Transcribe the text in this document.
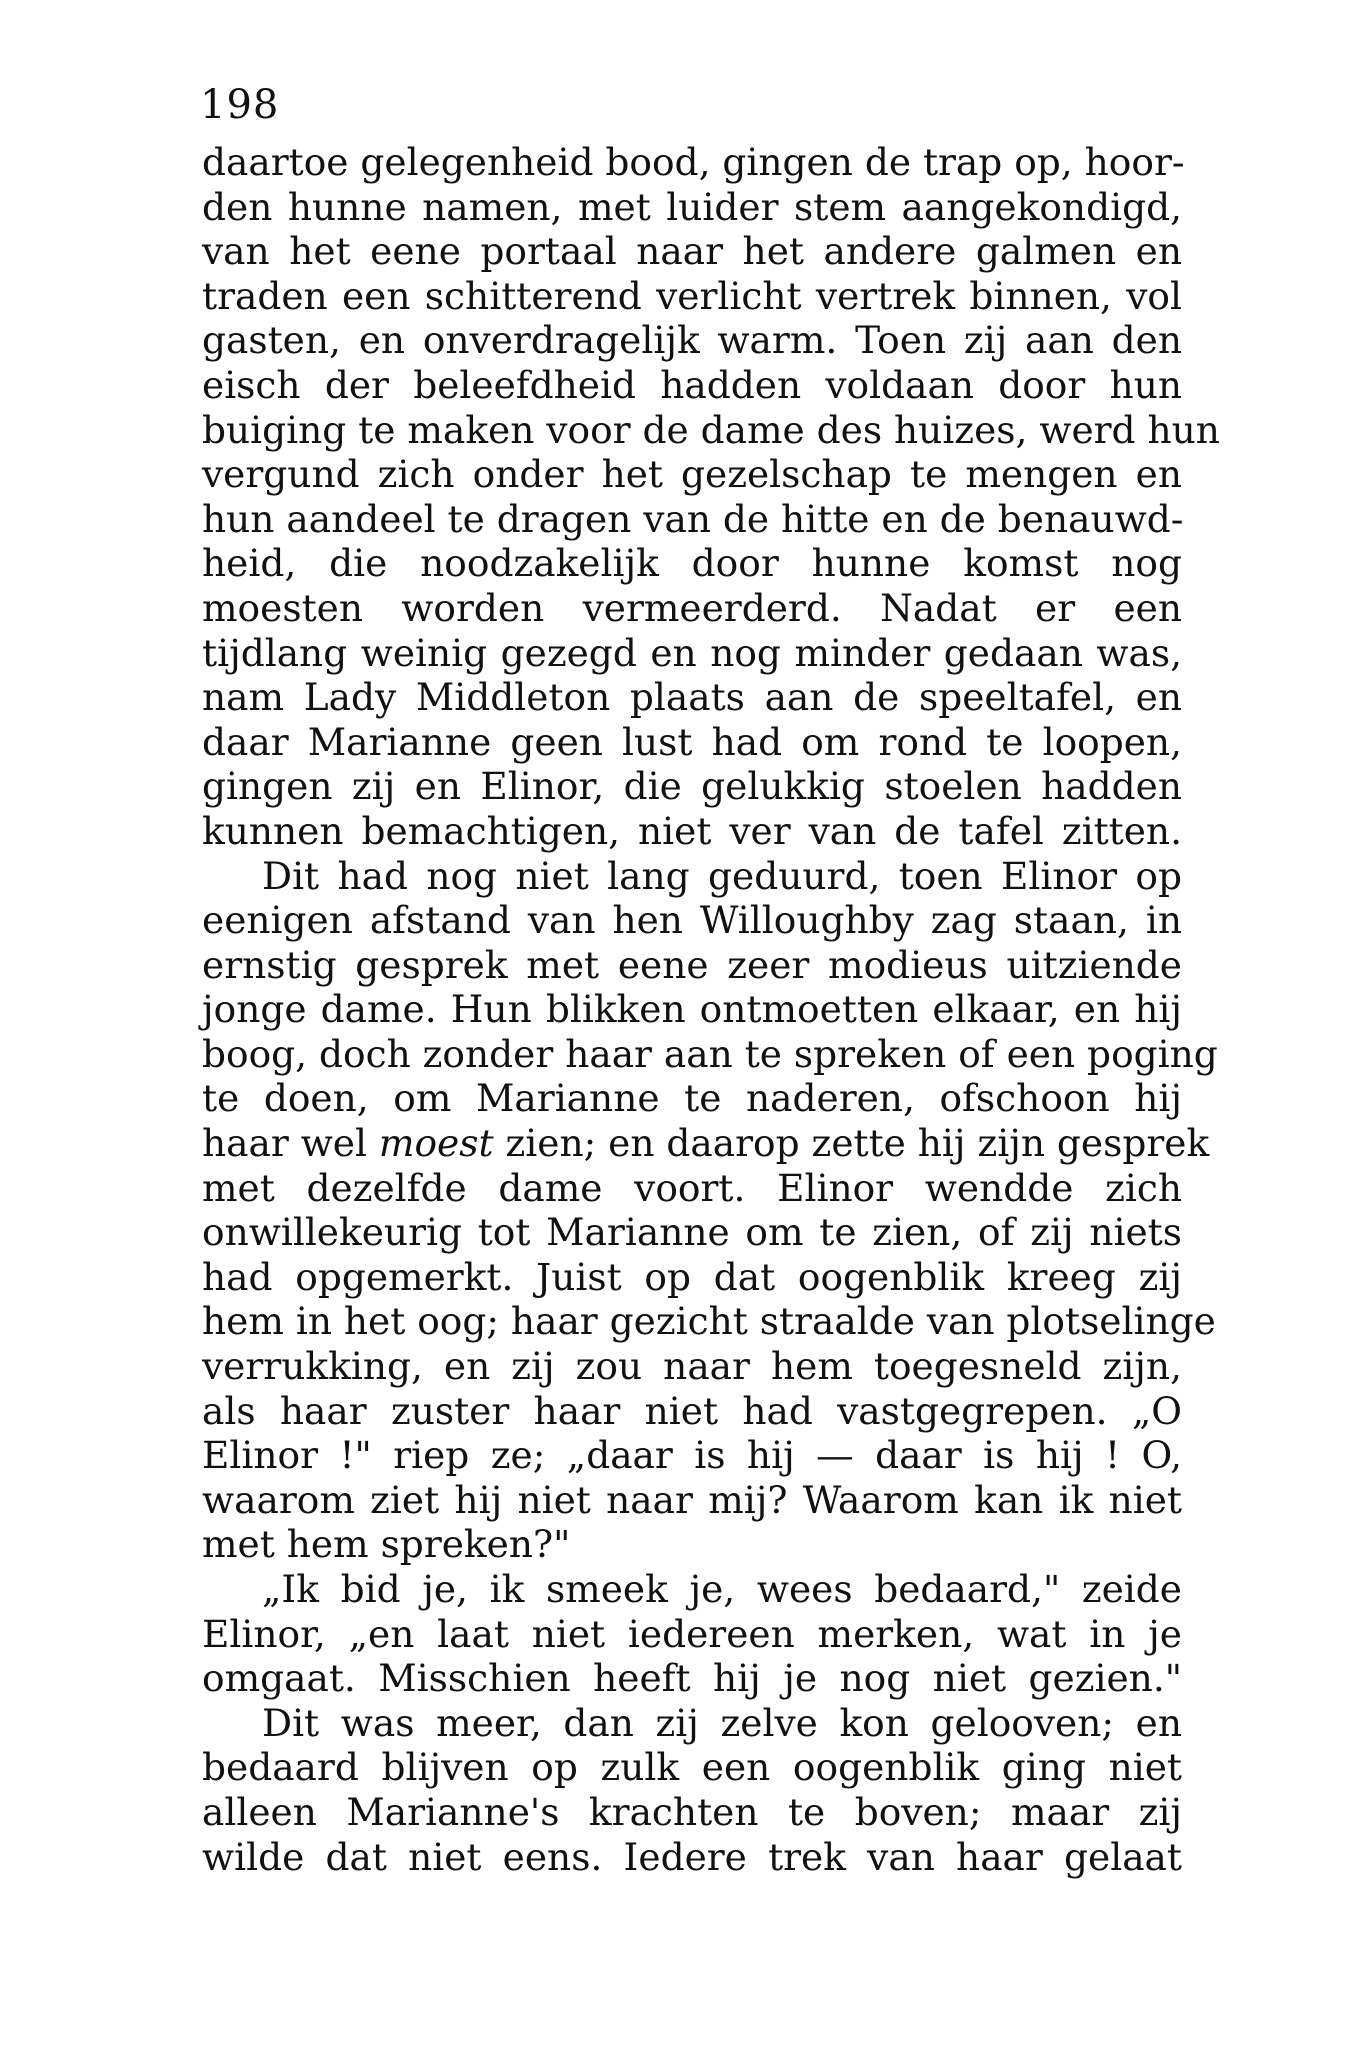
198
daartoe gelegenheid bood, gingen de trap op, hoor-
den hunne namen, met luider stem aangekondigd,
van het eene portaal naar het andere galmen en
traden een schitterend verlicht vertrek binnen, vol
gasten, en onverdragelijk warm. Toen zij aan den
eisch der beleefdheid hadden voldaan door hun
buiging te maken voor de dame des huizes, werd hun
vergund zich onder het gezelschap te mengen en
hun aandeel te dragen van de hitte en de benauwd-
heid, die noodzakelijk door hunne komst nog
moesten worden vermeerderd. Nadat er een
tijdlang weinig gezegd en nog minder gedaan was,
nam Lady Middleton plaats aan de speeltafel, en
daar Marianne geen lust had om rond te loopen,
gingen zij en Elinor, die gelukkig stoelen hadden
kunnen bemachtigen, niet ver van de tafel zitten.
Dit had nog niet lang geduurd, toen Elinor op
eenigen afstand van hen Willoughby zag staan, in
ernstig gesprek met eene zeer modieus uitziende
jonge dame. Hun blikken ontmoetten elkaar, en hij
boog, doch zonder haar aan te spreken of een poging
te doen, om Marianne te naderen, ofschoon hij
haar wel moest zien; en daarop zette hij zijn gesprek
met dezelfde dame voort. Elinor wendde zich
onwillekeurig tot Marianne om te zien, of zij niets
had opgemerkt. Juist op dat oogenblik kreeg zij
hem in het oog; haar gezicht straalde van plotselinge
verrukking, en zij zou naar hem toegesneld zijn,
als haar zuster haar niet had vastgegrepen. „O
Elinor !" riep ze; „daar is hij — daar is hij ! O,
waarom ziet hij niet naar mij? Waarom kan ik niet
met hem spreken?"
„Ik bid je, ik smeek je, wees bedaard," zeide
Elinor, „en laat niet iedereen merken, wat in je
omgaat. Misschien heeft hij je nog niet gezien."
Dit was meer, dan zij zelve kon gelooven; en
bedaard blijven op zulk een oogenblik ging niet
alleen Marianne's krachten te boven; maar zij
wilde dat niet eens. Iedere trek van haar gelaat
